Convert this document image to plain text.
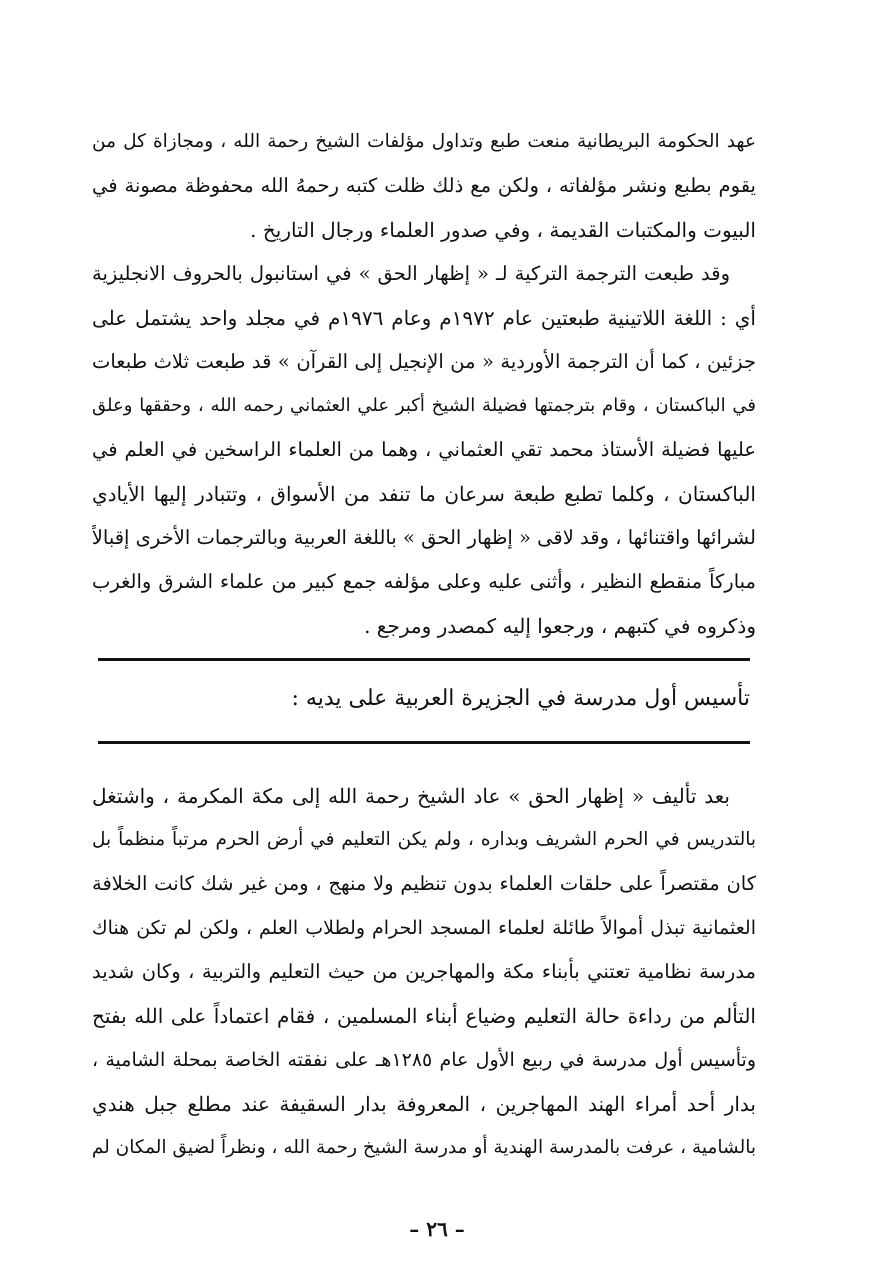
عهد الحكومة البريطانية منعت طبع وتداول مؤلفات الشيخ رحمة الله ، ومجازاة كل من
يقوم بطبع ونشر مؤلفاته ، ولكن مع ذلك ظلت كتبه رحمهُ الله محفوظة مصونة في
البيوت والمكتبات القديمة ، وفي صدور العلماء ورجال التاريخ .
وقد طبعت الترجمة التركية لـ « إظهار الحق » في استانبول بالحروف الانجليزية
أي : اللغة اللاتينية طبعتين عام ١٩٧٢م وعام ١٩٧٦م في مجلد واحد يشتمل على
جزئين ، كما أن الترجمة الأوردية « من الإنجيل إلى القرآن » قد طبعت ثلاث طبعات
في الباكستان ، وقام بترجمتها فضيلة الشيخ أكبر علي العثماني رحمه الله ، وحققها وعلق
عليها فضيلة الأستاذ محمد تقي العثماني ، وهما من العلماء الراسخين في العلم في
الباكستان ، وكلما تطبع طبعة سرعان ما تنفد من الأسواق ، وتتبادر إليها الأيادي
لشرائها واقتنائها ، وقد لاقى « إظهار الحق » باللغة العربية وبالترجمات الأخرى إقبالاً
مباركاً منقطع النظير ، وأثنى عليه وعلى مؤلفه جمع كبير من علماء الشرق والغرب
وذكروه في كتبهم ، ورجعوا إليه كمصدر ومرجع .
تأسيس أول مدرسة في الجزيرة العربية على يديه :
بعد تأليف « إظهار الحق » عاد الشيخ رحمة الله إلى مكة المكرمة ، واشتغل
بالتدريس في الحرم الشريف وبداره ، ولم يكن التعليم في أرض الحرم مرتباً منظماً بل
كان مقتصراً على حلقات العلماء بدون تنظيم ولا منهج ، ومن غير شك كانت الخلافة
العثمانية تبذل أموالاً طائلة لعلماء المسجد الحرام ولطلاب العلم ، ولكن لم تكن هناك
مدرسة نظامية تعتني بأبناء مكة والمهاجرين من حيث التعليم والتربية ، وكان شديد
التألم من رداءة حالة التعليم وضياع أبناء المسلمين ، فقام اعتماداً على الله بفتح
وتأسيس أول مدرسة في ربيع الأول عام ١٢٨٥هـ على نفقته الخاصة بمحلة الشامية ،
بدار أحد أمراء الهند المهاجرين ، المعروفة بدار السقيفة عند مطلع جبل هندي
بالشامية ، عرفت بالمدرسة الهندية أو مدرسة الشيخ رحمة الله ، ونظراً لضيق المكان لم
– ٢٦ –
